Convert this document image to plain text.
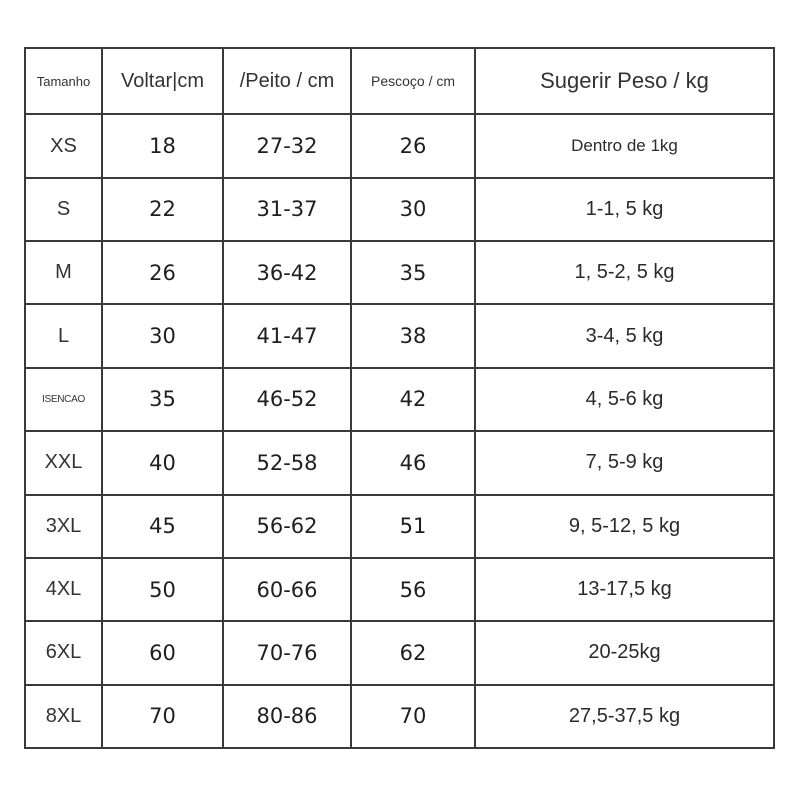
Tamanho	Voltar|cm	/Peito / cm	Pescoço / cm	Sugerir Peso / kg
XS	18	27-32	26	Dentro de 1kg
S	22	31-37	30	1-1, 5 kg
M	26	36-42	35	1, 5-2, 5 kg
L	30	41-47	38	3-4, 5 kg
ISENCAO	35	46-52	42	4, 5-6 kg
XXL	40	52-58	46	7, 5-9 kg
3XL	45	56-62	51	9, 5-12, 5 kg
4XL	50	60-66	56	13-17,5 kg
6XL	60	70-76	62	20-25kg
8XL	70	80-86	70	27,5-37,5 kg
